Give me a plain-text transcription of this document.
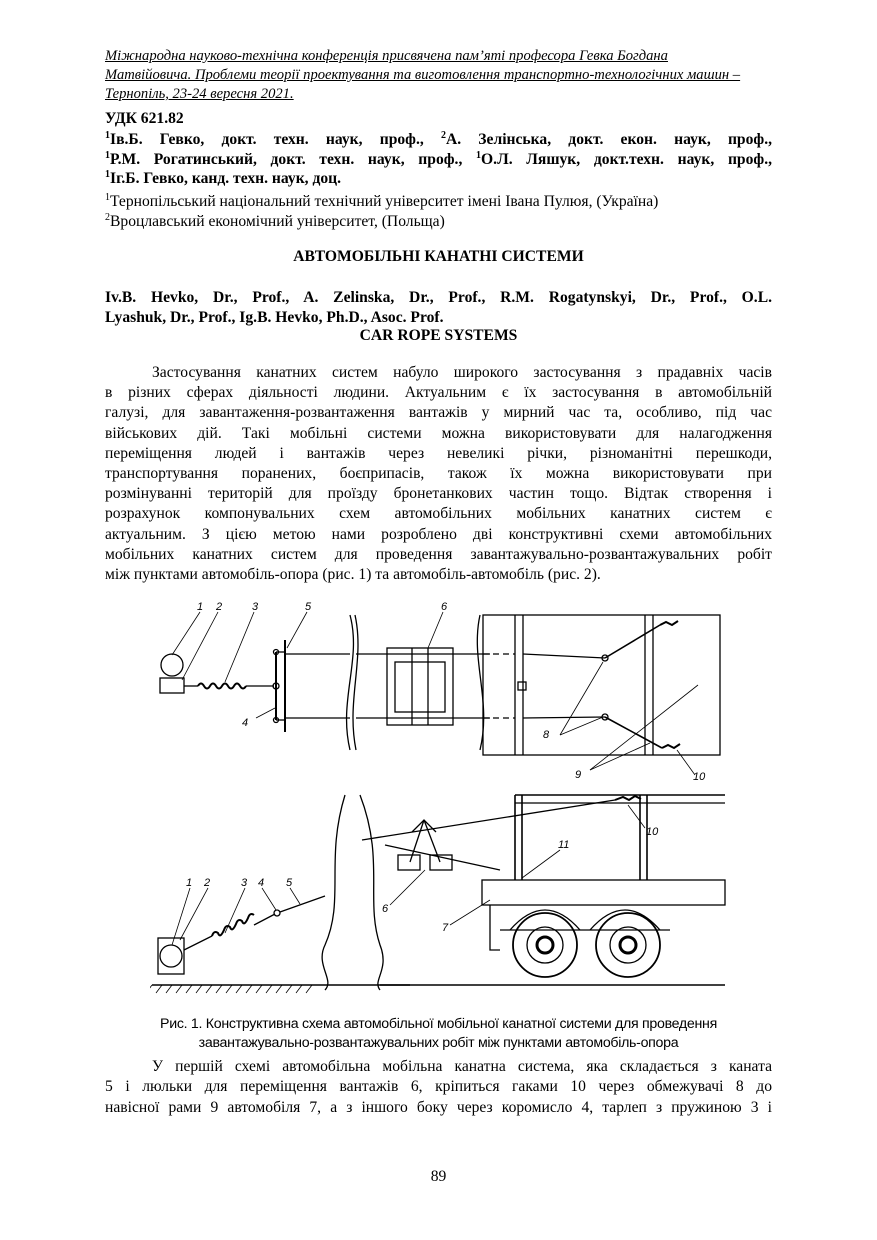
Міжнародна науково-технічна конференція присвячена пам’яті професора Гевка Богдана
Матвійовича. Проблеми теорії проектування та виготовлення транспортно-технологічних машин –
Тернопіль, 23-24 вересня 2021.
УДК 621.82
$^1$Ів.Б. Гевко, докт. техн. наук, проф., $^2$А. Зелінська, докт. екон. наук, проф.,
$^1$Р.М. Рогатинський, докт. техн. наук, проф., $^1$О.Л. Ляшук, докт.техн. наук, проф.,
$^1$Іг.Б. Гевко, канд. техн. наук, доц.
$^1$Тернопільський національний технічний університет імені Івана Пулюя, (Україна)
$^2$Вроцлавський економічний університет, (Польща)
АВТОМОБІЛЬНІ КАНАТНІ СИСТЕМИ
Iv.B. Hevko, Dr., Prof., A. Zelinska, Dr., Prof., R.M. Rogatynskyi, Dr., Prof., O.L.
Lyashuk, Dr., Prof., Ig.B. Hevko, Ph.D., Asoc. Prof.
CAR ROPE SYSTEMS
Застосування канатних систем набуло широкого застосування з прадавніх часів
в різних сферах діяльності людини. Актуальним є їх застосування в автомобільній
галузі, для завантаження-розвантаження вантажів у мирний час та, особливо, під час
військових дій. Такі мобільні системи можна використовувати для налагодження
переміщення людей і вантажів через невеликі річки, різноманітні перешкоди,
транспортування поранених, боєприпасів, також їх можна використовувати при
розмінуванні територій для проїзду бронетанкових частин тощо. Відтак створення і
розрахунок компонувальних схем автомобільних мобільних канатних систем є
актуальним. З цією метою нами розроблено дві конструктивні схеми автомобільних
мобільних канатних систем для проведення завантажувально-розвантажувальних робіт
між пунктами автомобіль-опора (рис. 1) та автомобіль-автомобіль (рис. 2).
1 2	3	5	6
4
8
9	10
1 2	3 4 5
6
7
10
11
Рис. 1. Конструктивна схема автомобільної мобільної канатної системи для проведення
завантажувально-розвантажувальних робіт між пунктами автомобіль-опора
У першій схемі автомобільна мобільна канатна система, яка складається з каната
5 і люльки для переміщення вантажів 6, кріпиться гаками 10 через обмежувачі 8 до
навісної рами 9 автомобіля 7, а з іншого боку через коромисло 4, тарлеп з пружиною 3 і
89
